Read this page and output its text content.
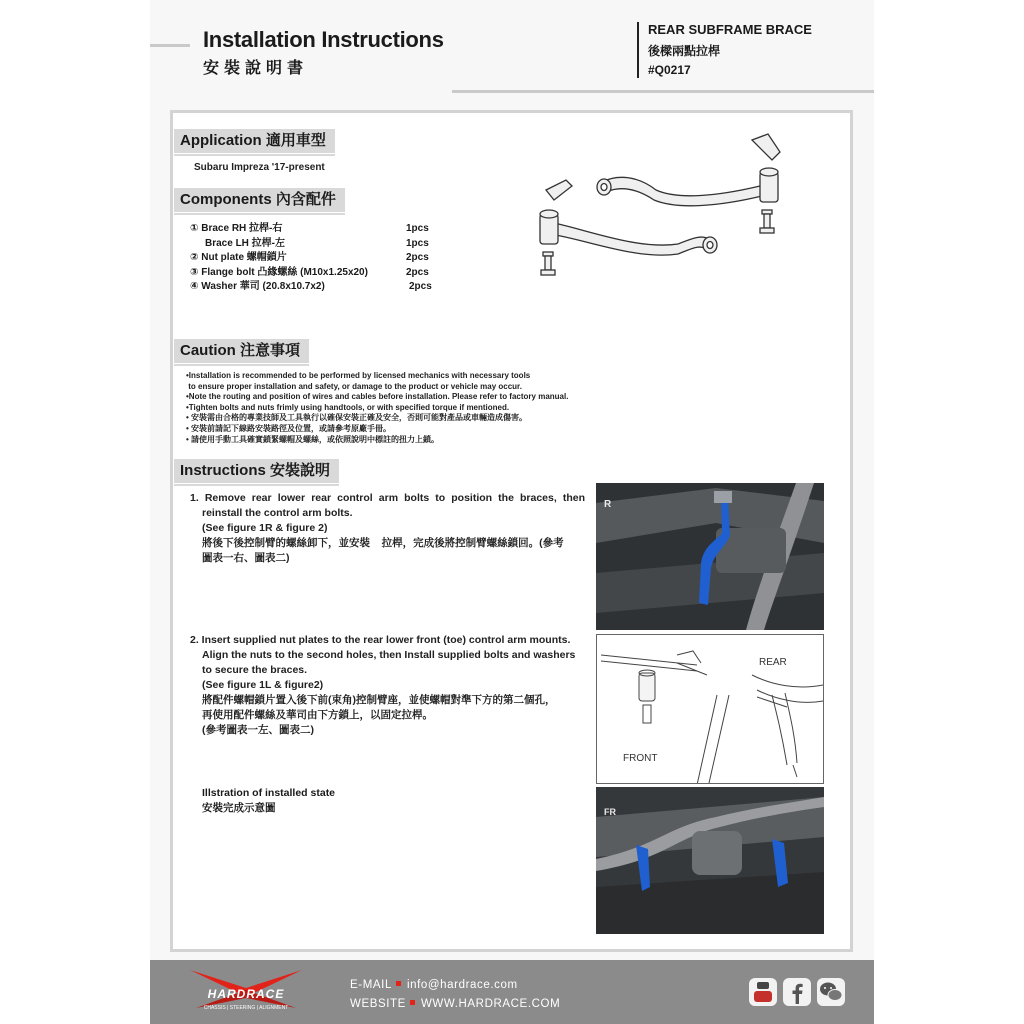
Installation Instructions
安裝說明書
REAR SUBFRAME BRACE
後樑兩點拉桿
#Q0217
Application 適用車型
Subaru Impreza '17-present
Components 內含配件
① Brace RH 拉桿-右	1pcs
Brace LH 拉桿-左	1pcs
② Nut plate 螺帽鎖片	2pcs
③ Flange bolt 凸緣螺絲 (M10x1.25x20)	2pcs
④ Washer 華司 (20.8x10.7x2)	2pcs
Caution 注意事項
•Installation is recommended to be performed by licensed mechanics with necessary tools
to ensure proper installation and safety, or damage to the product or vehicle may occur.
•Note the routing and position of wires and cables before installation. Please refer to factory manual.
•Tighten bolts and nuts frimly using handtools, or with specified torque if mentioned.
• 安裝需由合格的專業技師及工具執行以確保安裝正確及安全，否則可能對產品或車輛造成傷害。
• 安裝前請記下線路安裝路徑及位置，或請參考原廠手冊。
• 請使用手動工具確實鎖緊螺帽及螺絲，或依照說明中標註的扭力上鎖。
Instructions 安裝說明
1. Remove rear lower rear control arm bolts to position the braces, then
reinstall the control arm bolts.
(See figure 1R & figure 2)
將後下後控制臂的螺絲卸下，並安裝    拉桿，完成後將控制臂螺絲鎖回。(參考
圖表一右、圖表二)
2. Insert supplied nut plates to the rear lower front (toe) control arm mounts.
Align the nuts to the second holes, then Install supplied bolts and washers
to secure the braces.
(See figure 1L & figure2)
將配件螺帽鎖片置入後下前(束角)控制臂座，並使螺帽對準下方的第二個孔，
再使用配件螺絲及華司由下方鎖上，以固定拉桿。
(參考圖表一左、圖表二)
Illstration of installed state
安裝完成示意圖
R
REAR
FRONT
FR
HARDRACE
CHASSIS | STEERING | ALIGNMENT
E-MAIL info@hardrace.com
WEBSITE WWW.HARDRACE.COM
